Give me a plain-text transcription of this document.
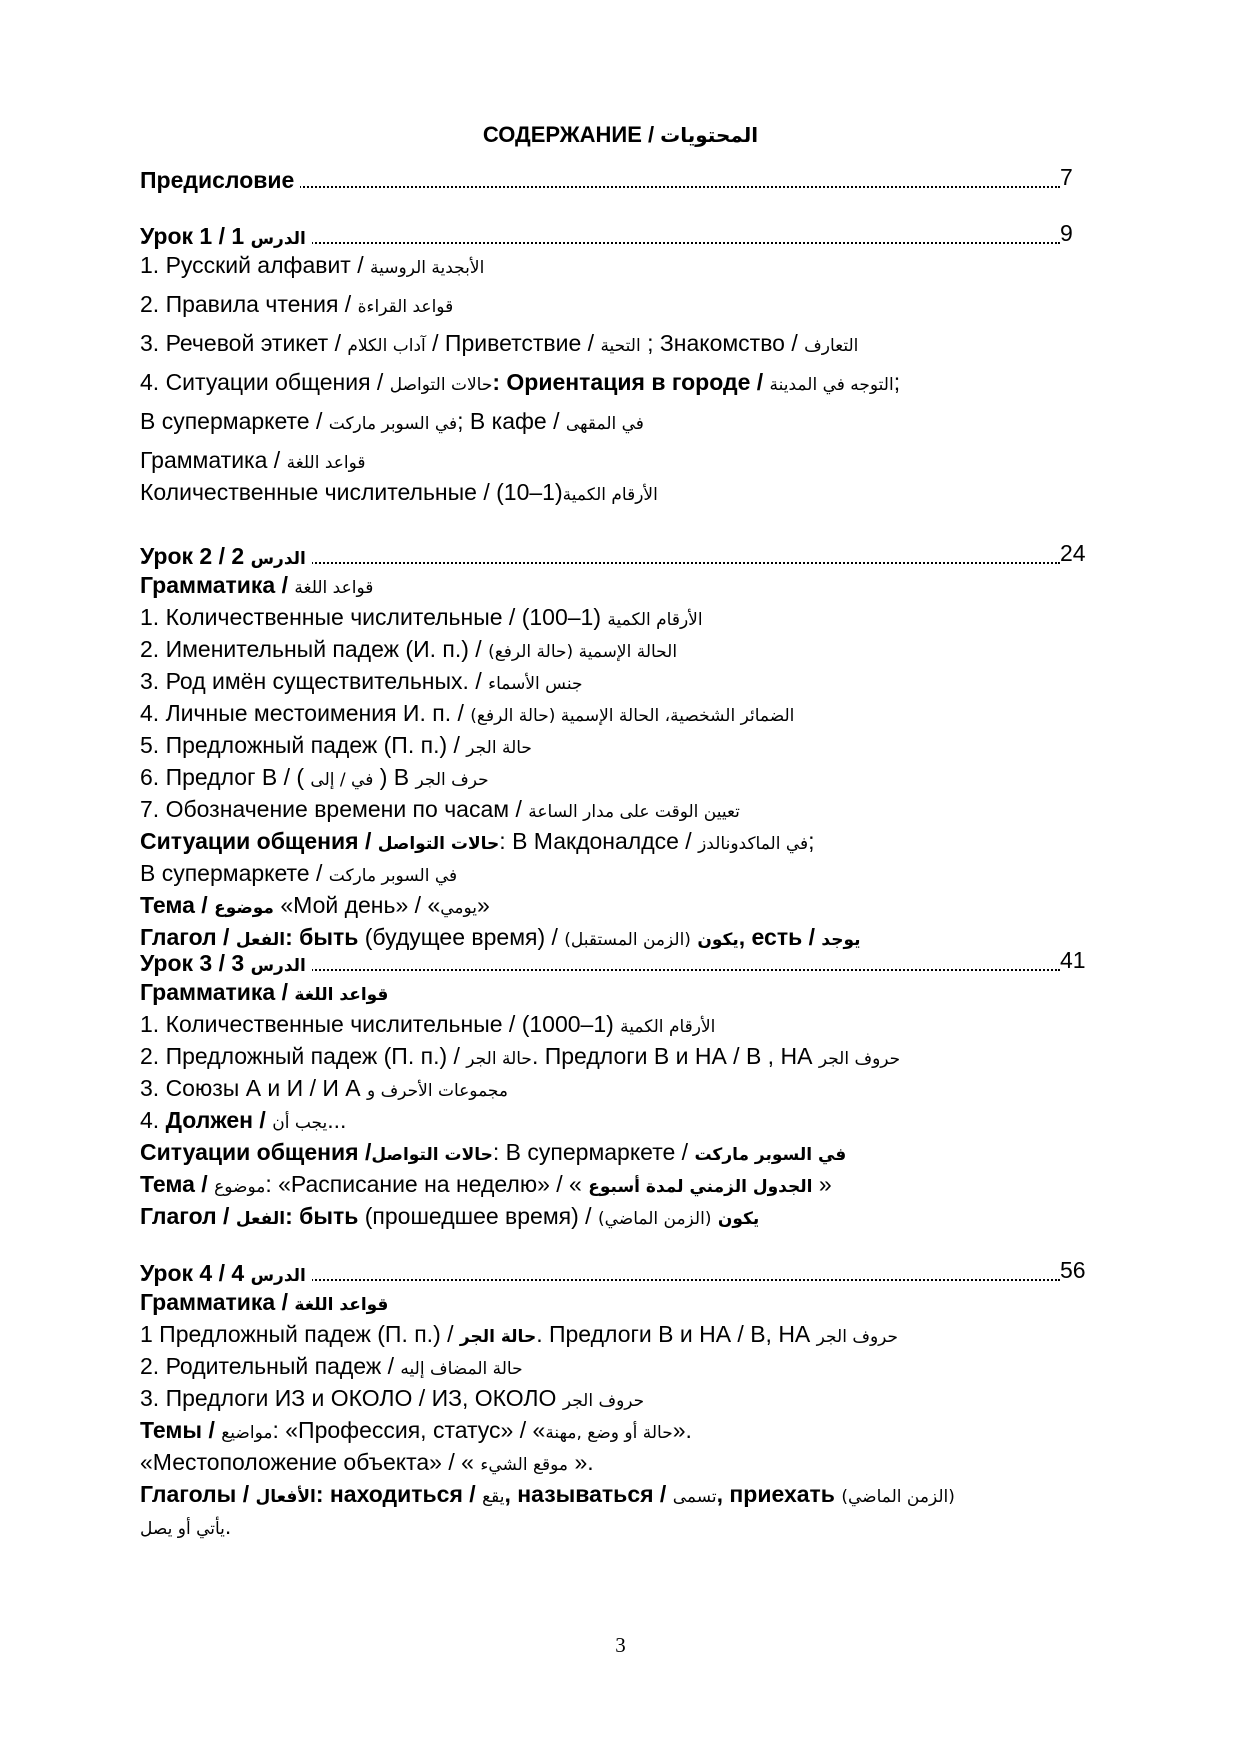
СОДЕРЖАНИЕ / المحتويات
Предисловие	7
Урок 1 / 1 الدرس	9
1. Русский алфавит / الأبجدية الروسية
2. Правила чтения / قواعد القراءة
3. Речевой этикет / آداب الكلام / Приветствие / التحية ; Знакомство / التعارف
4. Ситуации общения / حالات التواصل: Ориентация в городе / التوجه في المدينة;
В супермаркете / في السوبر ماركت; В кафе / في المقهى
Грамматика / قواعد اللغة
Количественные числительные / (10–1)الأرقام الكمية
Урок 2 / 2 الدرس	24
Грамматика / قواعد اللغة
1. Количественные числительные / (100–1) الأرقام الكمية
2. Именительный падеж (И. п.) / الحالة الإسمية (حالة الرفع)
3. Род имён существительных. / جنس الأسماء
4. Личные местоимения И. п. / الضمائر الشخصية، الحالة الإسمية (حالة الرفع)
5. Предложный падеж (П. п.) / حالة الجر
6. Предлог В / ( في / إلى ) В حرف الجر
7. Обозначение времени по часам / تعيين الوقت على مدار الساعة
Ситуации общения / حالات التواصل: В Макдоналдсе / في الماكدونالدز;
В супермаркете / في السوبر ماركت
Тема / موضوع «Мой день» / «يومي»
Глагол / الفعل: быть (будущее время) /	يكون (الزمن المستقبل) , есть / يوجد
Урок 3 / 3 الدرس	41
Грамматика / قواعد اللغة
1. Количественные числительные / (1000–1) الأرقام الكمية
2. Предложный падеж (П. п.) / حالة الجر. Предлоги В и НА / В , НА حروف الجر
3. Союзы А и И / И А مجموعات الأحرف و
4. Должен / يجب أن...
Ситуации общения /حالات التواصل: В супермаркете / في السوبر ماركت
Тема / موضوع: «Расписание на неделю» / « الجدول الزمني لمدة أسبوع »
Глагол / الفعل: быть (прошедшее время) /	يكون (الزمن الماضي)
Урок 4 / 4 الدرس	56
Грамматика / قواعد اللغة
1 Предложный падеж (П. п.) / حالة الجر. Предлоги В и НА / В, НА حروف الجر
2. Родительный падеж / حالة المضاف إليه
3. Предлоги ИЗ и ОКОЛО / ИЗ, ОКОЛО حروف الجر
Темы / مواضيع: «Профессия, статус» / «حالة أو وضع ,مهنة».
«Местоположение объекта» / « موقع الشيء ».
Глаголы / الأفعال: находиться / يقع, называться / تسمى, приехать (الزمن الماضي)
يأتي أو يصل.
3
